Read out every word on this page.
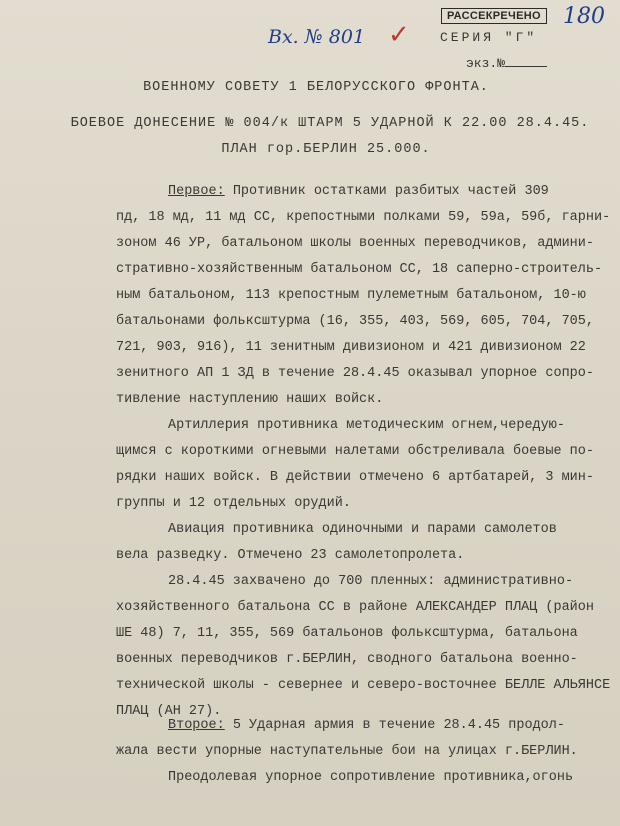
РАССЕКРЕЧЕНО
Вх. № 801 ✓
180
СЕРИЯ "Г"
экз.№
ВОЕННОМУ СОВЕТУ 1 БЕЛОРУССКОГО ФРОНТА.
БОЕВОЕ ДОНЕСЕНИЕ № 004/к ШТАРМ 5 УДАРНОЙ К 22.00 28.4.45.
ПЛАН гор.БЕРЛИН 25.000.
Первое: Противник остатками разбитых частей 309
пд, 18 мд, 11 мд СС, крепостными полками 59, 59а, 59б, гарни-
зоном 46 УР, батальоном школы военных переводчиков, админи-
стративно-хозяйственным батальоном СС, 18 саперно-строитель-
ным батальоном, 113 крепостным пулеметным батальоном, 10-ю
батальонами фольксштурма (16, 355, 403, 569, 605, 704, 705,
721, 903, 916), 11 зенитным дивизионом и 421 дивизионом 22
зенитного АП 1 ЗД в течение 28.4.45 оказывал упорное сопро-
тивление наступлению наших войск.
Артиллерия противника методическим огнем,чередую-
щимся с короткими огневыми налетами обстреливала боевые по-
рядки наших войск. В действии отмечено 6 артбатарей, 3 мин-
группы и 12 отдельных орудий.
Авиация противника одиночными и парами самолетов
вела разведку. Отмечено 23 самолетопролета.
28.4.45 захвачено до 700 пленных: административно-
хозяйственного батальона СС в районе АЛЕКСАНДЕР ПЛАЦ (район
ШЕ 48) 7, 11, 355, 569 батальонов фольксштурма, батальона
военных переводчиков г.БЕРЛИН, сводного батальона военно-
технической школы - севернее и северо-восточнее БЕЛЛЕ АЛЬЯНСЕ
ПЛАЦ (АН 27).
Второе: 5 Ударная армия в течение 28.4.45 продол-
жала вести упорные наступательные бои на улицах г.БЕРЛИН.
Преодолевая упорное сопротивление противника,огонь
